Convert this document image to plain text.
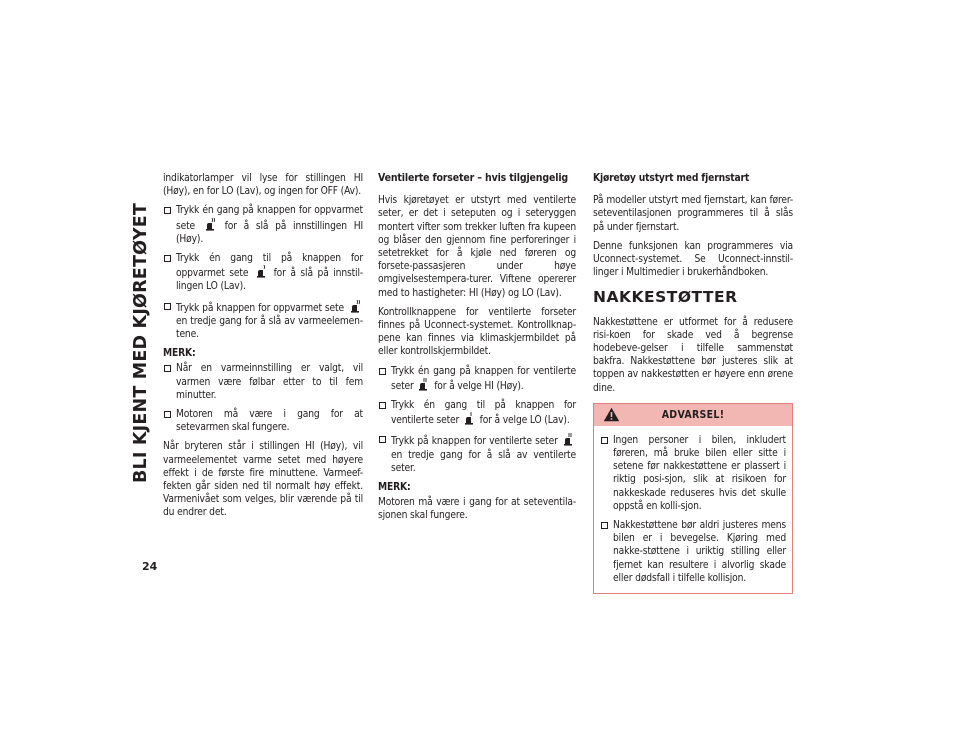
BLI KJENT MED KJØRETØYET
24

indikatorlamper vil lyse for stillingen HI (Høy), en for LO (Lav), og ingen for OFF (Av).

Trykk én gang på knappen for oppvarmet sete	for å slå på innstillingen HI (Høy).
Trykk én gang til på knappen for oppvarmet sete for å slå på innstil-lingen LO (Lav).
Trykk på knappen for oppvarmet sete  en tredje gang for å slå av varmeelemen-tene.
MERK:
Når en varmeinnstilling er valgt, vil varmen være følbar etter to til fem minutter.
Motoren må være i gang for at setevarmen skal fungere.

Når bryteren står i stillingen HI (Høy), vil varmeelementet varme setet med høyere effekt i de første fire minuttene. Varmeef-fekten går siden ned til normalt høy effekt. Varmenivået som velges, blir værende på til du endrer det.

Ventilerte forseter – hvis tilgjengelig

Hvis kjøretøyet er utstyrt med ventilerte seter, er det i seteputen og i seteryggen montert vifter som trekker luften fra kupeen og blåser den gjennom fine perforeringer i setetrekket for å kjøle ned føreren og forsete-passasjeren under høye omgivelsestempera-turer. Viftene opererer med to hastigheter: HI (Høy) og LO (Lav).

Kontrollknappene for ventilerte forseter finnes på Uconnect-systemet. Kontrollknap-pene kan finnes via klimaskjermbildet på eller kontrollskjermbildet.

Trykk én gang på knappen for ventilerte seter for å velge HI (Høy).
Trykk én gang til på knappen for ventilerte seter for å velge LO (Lav).
Trykk på knappen for ventilerte seter  en tredje gang for å slå av ventilerte seter.
MERK:

Motoren må være i gang for at seteventila-sjonen skal fungere.

Kjøretøy utstyrt med fjernstart

På modeller utstyrt med fjernstart, kan fører-seteventilasjonen programmeres til å slås på under fjernstart.

Denne funksjonen kan programmeres via Uconnect-systemet. Se Uconnect-innstil-linger i Multimedier i brukerhåndboken.

NAKKESTØTTER

Nakkestøttene er utformet for å redusere risi-koen for skade ved å begrense hodebeve-gelser i tilfelle sammenstøt bakfra. Nakkestøttene bør justeres slik at toppen av nakkestøtten er høyere enn ørene dine.

ADVARSEL!
Ingen personer i bilen, inkludert føreren, må bruke bilen eller sitte i setene før nakkestøttene er plassert i riktig posi-sjon, slik at risikoen for nakkeskade reduseres hvis det skulle oppstå en kolli-sjon.
Nakkestøttene bør aldri justeres mens bilen er i bevegelse. Kjøring med nakke-støttene i uriktig stilling eller fjernet kan resultere i alvorlig skade eller dødsfall i tilfelle kollisjon.
